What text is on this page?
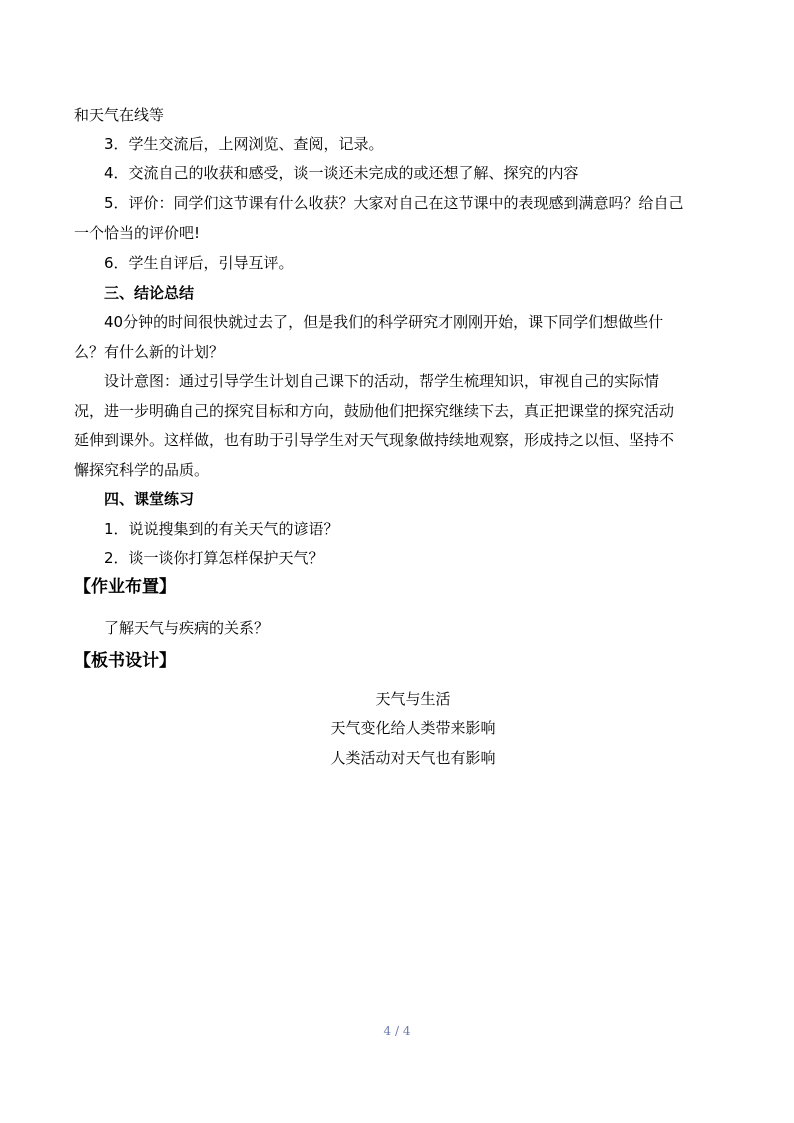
和天气在线等
3．学生交流后，上网浏览、查阅，记录。
4．交流自己的收获和感受，谈一谈还未完成的或还想了解、探究的内容
5．评价：同学们这节课有什么收获？大家对自己在这节课中的表现感到满意吗？给自己
一个恰当的评价吧!
6．学生自评后，引导互评。
三、结论总结
40分钟的时间很快就过去了，但是我们的科学研究才刚刚开始，课下同学们想做些什
么？有什么新的计划？
设计意图：通过引导学生计划自己课下的活动，帮学生梳理知识，审视自己的实际情
况，进一步明确自己的探究目标和方向，鼓励他们把探究继续下去，真正把课堂的探究活动
延伸到课外。这样做，也有助于引导学生对天气现象做持续地观察，形成持之以恒、坚持不
懈探究科学的品质。
四、课堂练习
1．说说搜集到的有关天气的谚语？
2．谈一谈你打算怎样保护天气？
【作业布置】
了解天气与疾病的关系？
【板书设计】
天气与生活
天气变化给人类带来影响
人类活动对天气也有影响
4 / 4
